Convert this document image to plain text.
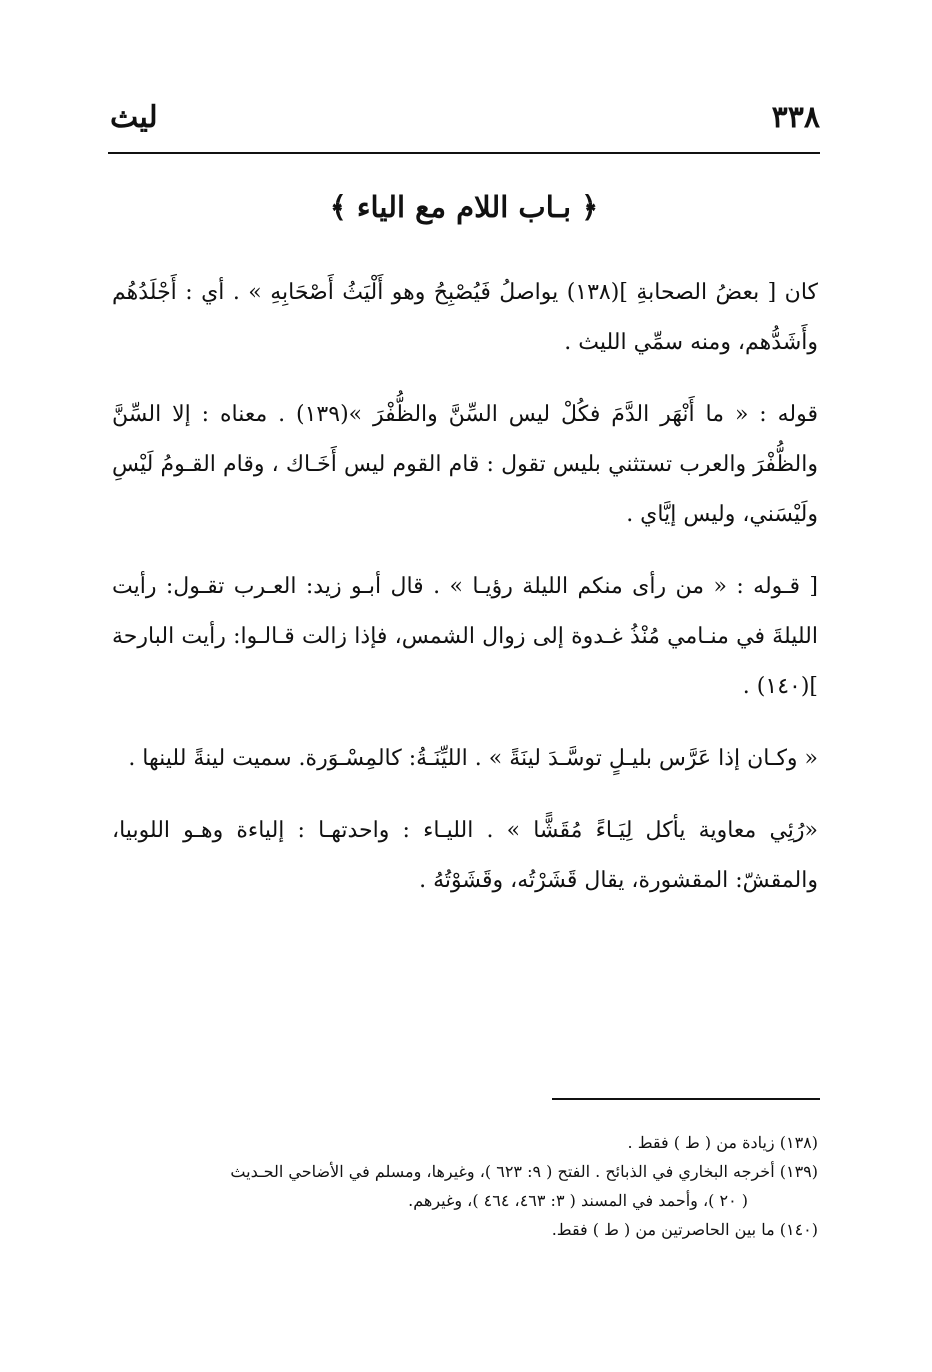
٣٣٨
ليث
﴿ بـاب اللام مع الياء ﴾

كان [ بعضُ الصحابةِ ](١٣٨) يواصلُ فَيُصْبِحُ وهو أَلْيَثُ أَصْحَابِهِ » . أي : أَجْلَدُهُم وأَشَدُّهم، ومنه سمِّي الليث .

قوله : « ما أَنْهَر الدَّمَ فكُلْ ليس السِّنَّ والظُّفْرَ »(١٣٩) . معناه : إلا السِّنَّ والظُّفْرَ والعرب تستثني بليس تقول : قام القوم ليس أَخَـاك ، وقام القـومُ لَيْسِ ولَيْسَني، وليس إيَّاي .

[ قـوله : « من رأى منكم الليلة رؤيـا » . قال أبـو زيد: العـرب تقـول: رأيت الليلةَ في منـامي مُنْذُ غـدوة إلى زوال الشمس، فإذا زالت قـالـوا: رأيت البارحة ](١٤٠) .

« وكـان إذا عَرَّس بليـلٍ توسَّـدَ لينَةً » . الليِّنَـةُ: كالمِسْـوَرة. سميت لينةً للينها .

«رُئِي معاوية يأكل لِيَـاءً مُقَشًّا » . الليـاء : واحدتهـا : إلياءة وهـو اللوبيا، والمقشّ: المقشورة، يقال قَشَرْتُه، وقَشَوْتُهُ .

(١٣٨) زيادة من ( ط ) فقط .

(١٣٩) أخرجه البخاري في الذبائح . الفتح ( ٩: ٦٢٣ )، وغيرها، ومسلم في الأضاحي الحـديث
( ٢٠ )، وأحمد في المسند ( ٣: ٤٦٣، ٤٦٤ )، وغيرهم.

(١٤٠) ما بين الحاصرتين من ( ط ) فقط.
